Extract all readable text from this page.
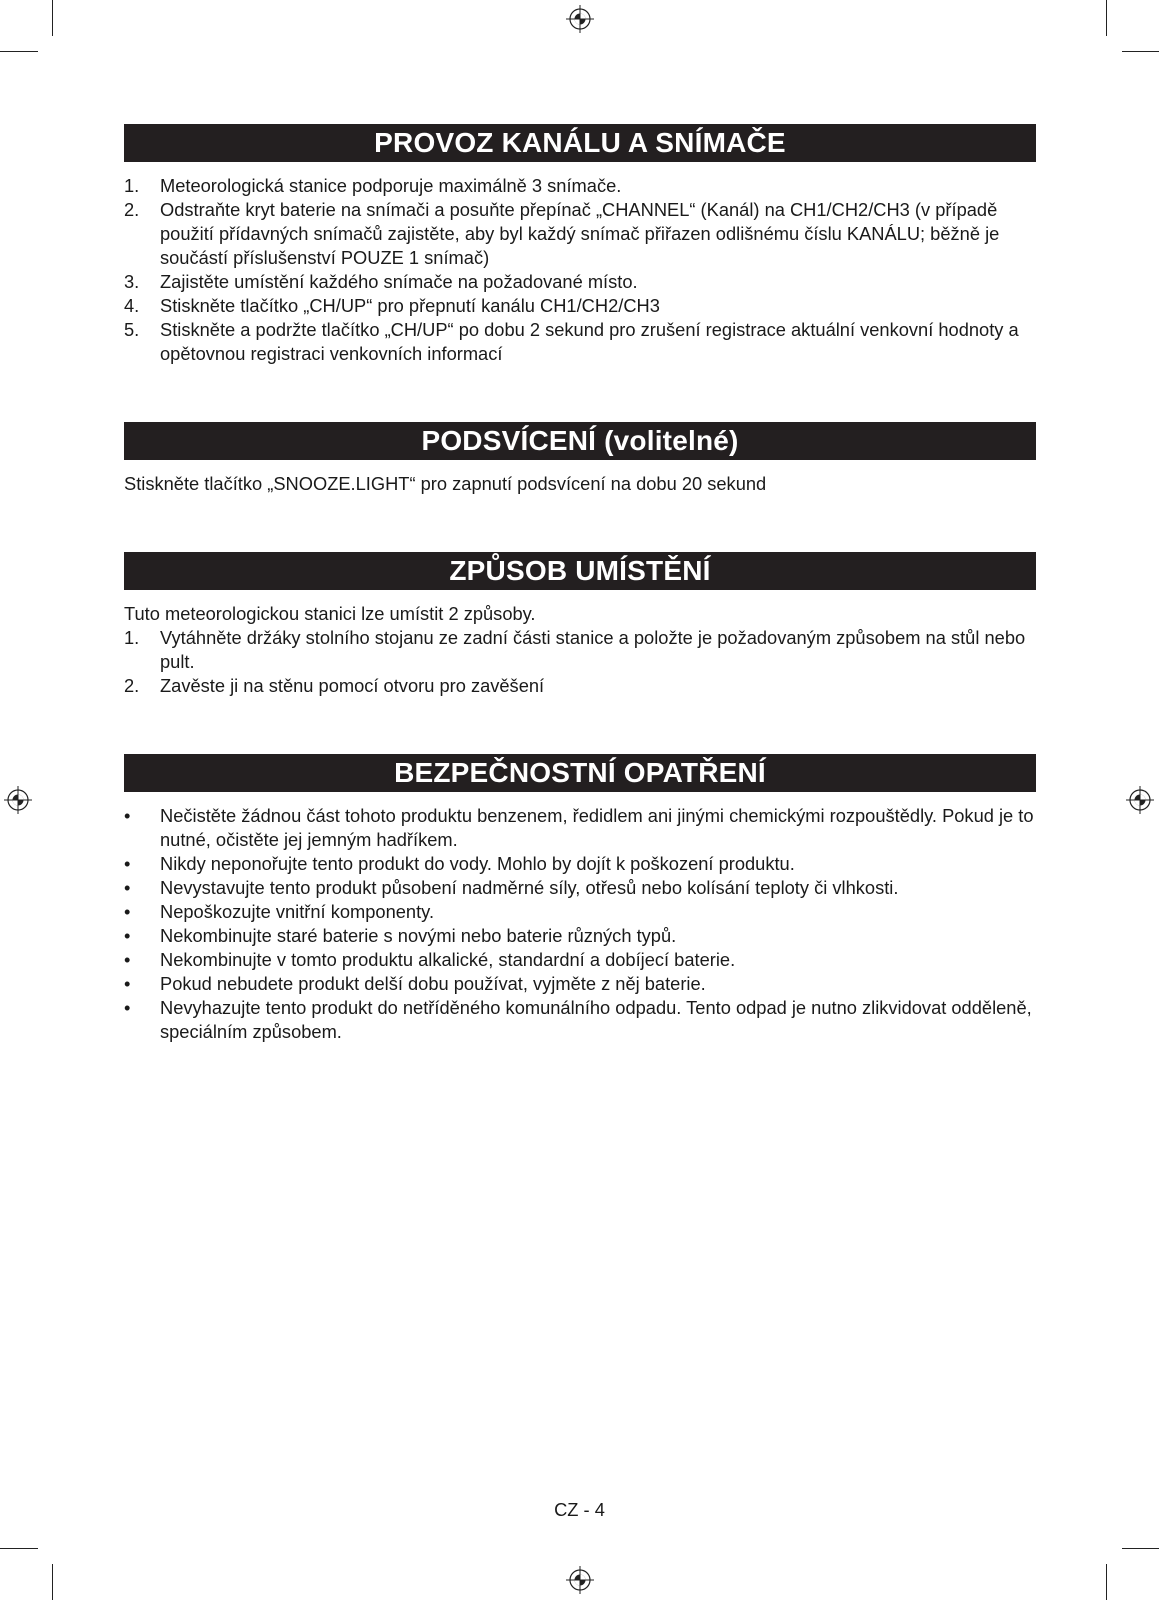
PROVOZ KANÁLU A SNÍMAČE
1. Meteorologická stanice podporuje maximálně 3 snímače.
2. Odstraňte kryt baterie na snímači a posuňte přepínač „CHANNEL“ (Kanál) na CH1/CH2/CH3 (v případě použití přídavných snímačů zajistěte, aby byl každý snímač přiřazen odlišnému číslu KANÁLU; běžně je součástí příslušenství POUZE 1 snímač)
3. Zajistěte umístění každého snímače na požadované místo.
4. Stiskněte tlačítko „CH/UP“ pro přepnutí kanálu CH1/CH2/CH3
5. Stiskněte a podržte tlačítko „CH/UP“ po dobu 2 sekund pro zrušení registrace aktuální venkovní hodnoty a opětovnou registraci venkovních informací
PODSVÍCENÍ (volitelné)

Stiskněte tlačítko „SNOOZE.LIGHT“ pro zapnutí podsvícení na dobu 20 sekund

ZPŮSOB UMÍSTĚNÍ

Tuto meteorologickou stanici lze umístit 2 způsoby.

1. Vytáhněte držáky stolního stojanu ze zadní části stanice a položte je požadovaným způsobem na stůl nebo pult.
2. Zavěste ji na stěnu pomocí otvoru pro zavěšení
BEZPEČNOSTNÍ OPATŘENÍ
• Nečistěte žádnou část tohoto produktu benzenem, ředidlem ani jinými chemickými rozpouštědly. Pokud je to nutné, očistěte jej jemným hadříkem.
• Nikdy neponořujte tento produkt do vody. Mohlo by dojít k poškození produktu.
• Nevystavujte tento produkt působení nadměrné síly, otřesů nebo kolísání teploty či vlhkosti.
• Nepoškozujte vnitřní komponenty.
• Nekombinujte staré baterie s novými nebo baterie různých typů.
• Nekombinujte v tomto produktu alkalické, standardní a dobíjecí baterie.
• Pokud nebudete produkt delší dobu používat, vyjměte z něj baterie.
• Nevyhazujte tento produkt do netříděného komunálního odpadu. Tento odpad je nutno zlikvidovat odděleně, speciálním způsobem.
CZ - 4
